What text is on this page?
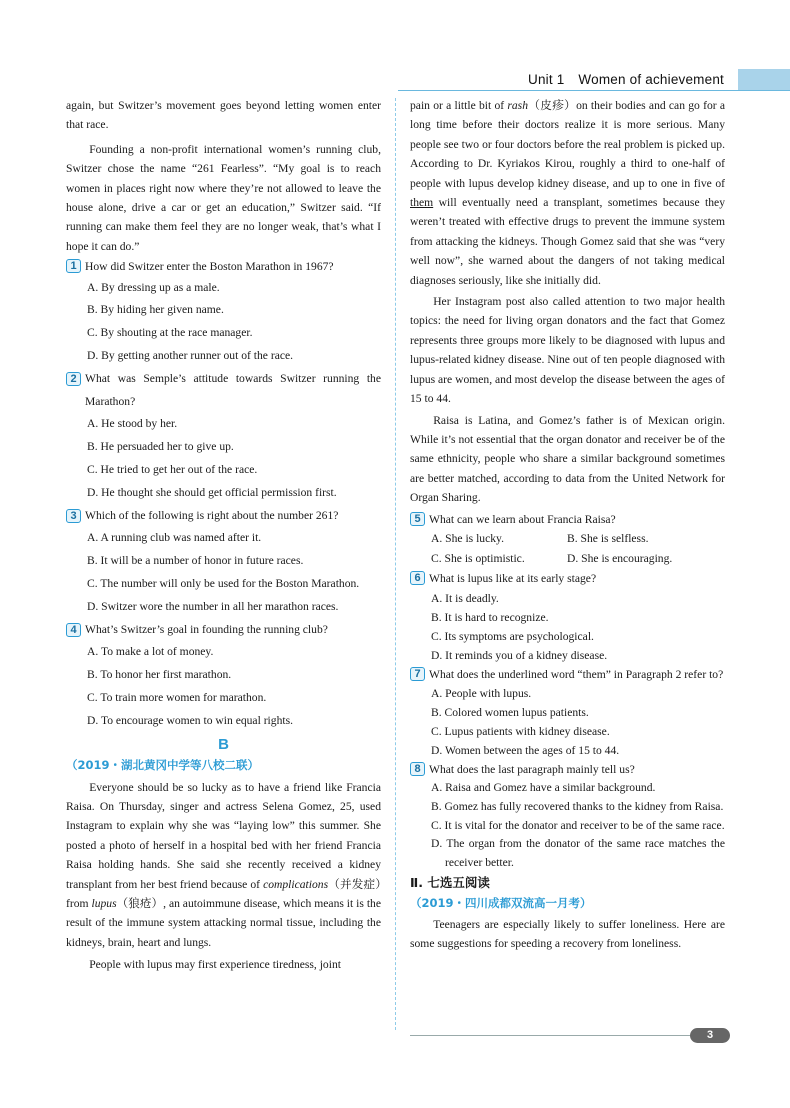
Unit 1 Women of achievement

again, but Switzer’s movement goes beyond letting women enter that race.

Founding a non-profit international women’s running club, Switzer chose the name “261 Fearless”. “My goal is to reach women in places right now where they’re not allowed to leave the house alone, drive a car or get an education,” Switzer said. “If running can make them feel they are no longer weak, that’s what I hope it can do.”

1 How did Switzer enter the Boston Marathon in 1967?

A. By dressing up as a male.

B. By hiding her given name.

C. By shouting at the race manager.

D. By getting another runner out of the race.

2 What was Semple’s attitude towards Switzer running the Marathon?

A. He stood by her.

B. He persuaded her to give up.

C. He tried to get her out of the race.

D. He thought she should get official permission first.

3 Which of the following is right about the number 261?

A. A running club was named after it.

B. It will be a number of honor in future races.

C. The number will only be used for the Boston Marathon.

D. Switzer wore the number in all her marathon races.

4 What’s Switzer’s goal in founding the running club?

A. To make a lot of money.

B. To honor her first marathon.

C. To train more women for marathon.

D. To encourage women to win equal rights.

B
（2019・湖北黄冈中学等八校二联）

Everyone should be so lucky as to have a friend like Francia Raisa. On Thursday, singer and actress Selena Gomez, 25, used Instagram to explain why she was “laying low” this summer. She posted a photo of herself in a hospital bed with her friend Francia Raisa holding hands. She said she recently received a kidney transplant from her best friend because of complications（并发症）from lupus（狼疮）, an autoimmune disease, which means it is the result of the immune system attacking normal tissue, including the kidneys, brain, heart and lungs.

People with lupus may first experience tiredness, joint

pain or a little bit of rash（皮疹）on their bodies and can go for a long time before their doctors realize it is more serious. Many people see two or four doctors before the real problem is picked up. According to Dr. Kyriakos Kirou, roughly a third to one-half of people with lupus develop kidney disease, and up to one in five of them will eventually need a transplant, sometimes because they weren’t treated with effective drugs to prevent the immune system from attacking the kidneys. Though Gomez said that she was “very well now”, she warned about the dangers of not taking medical diagnoses seriously, like she initially did.

Her Instagram post also called attention to two major health topics: the need for living organ donators and the fact that Gomez represents three groups more likely to be diagnosed with lupus and lupus-related kidney disease. Nine out of ten people diagnosed with lupus are women, and most develop the disease between the ages of 15 to 44.

Raisa is Latina, and Gomez’s father is of Mexican origin. While it’s not essential that the organ donator and receiver be of the same ethnicity, people who share a similar background sometimes are better matched, according to data from the United Network for Organ Sharing.

5 What can we learn about Francia Raisa?

A. She is lucky.	B. She is selfless.
C. She is optimistic.	D. She is encouraging.

6 What is lupus like at its early stage?

A. It is deadly.

B. It is hard to recognize.

C. Its symptoms are psychological.

D. It reminds you of a kidney disease.

7 What does the underlined word “them” in Paragraph 2 refer to?

A. People with lupus.

B. Colored women lupus patients.

C. Lupus patients with kidney disease.

D. Women between the ages of 15 to 44.

8 What does the last paragraph mainly tell us?

A. Raisa and Gomez have a similar background.

B. Gomez has fully recovered thanks to the kidney from Raisa.

C. It is vital for the donator and receiver to be of the same race.

D. The organ from the donator of the same race matches the receiver better.

Ⅱ. 七选五阅读
（2019・四川成都双流高一月考）

Teenagers are especially likely to suffer loneliness. Here are some suggestions for speeding a recovery from loneliness.

3
